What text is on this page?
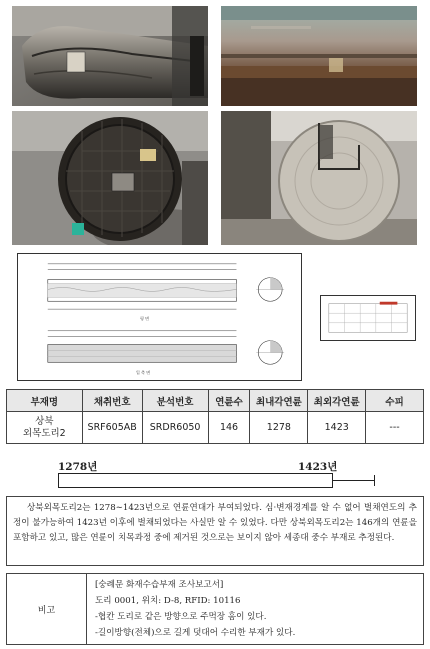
평 면
입 측 면
부재명	채취번호	분석번호	연륜수	최내각연륜	최외각연륜	수피
상북
외목도리2	SRF605AB	SRDR6050	146	1278	1423	---
1278년	1423년
상북외목도리2는 1278∼1423년으로 연륜연대가 부여되었다. 심·변재경계를 알 수 없어 벌채연도의 추정이 불가능하여 1423년 이후에 벌채되었다는 사실만 알 수 있었다. 다만 상북외목도리2는 146개의 연륜을 포함하고 있고, 많은 연륜이 치목과정 중에 제거된 것으로는 보이지 않아 세종대 중수 부재로 추정된다.
비고
[숭례문 화재수습부재 조사보고서]
도리 0001, 위치: D-8, RFID: 10116
-협칸 도리로 같은 방향으로 주먹장 홈이 있다.
-길이방향(전체)으로 길게 덧대어 수리한 부재가 있다.
